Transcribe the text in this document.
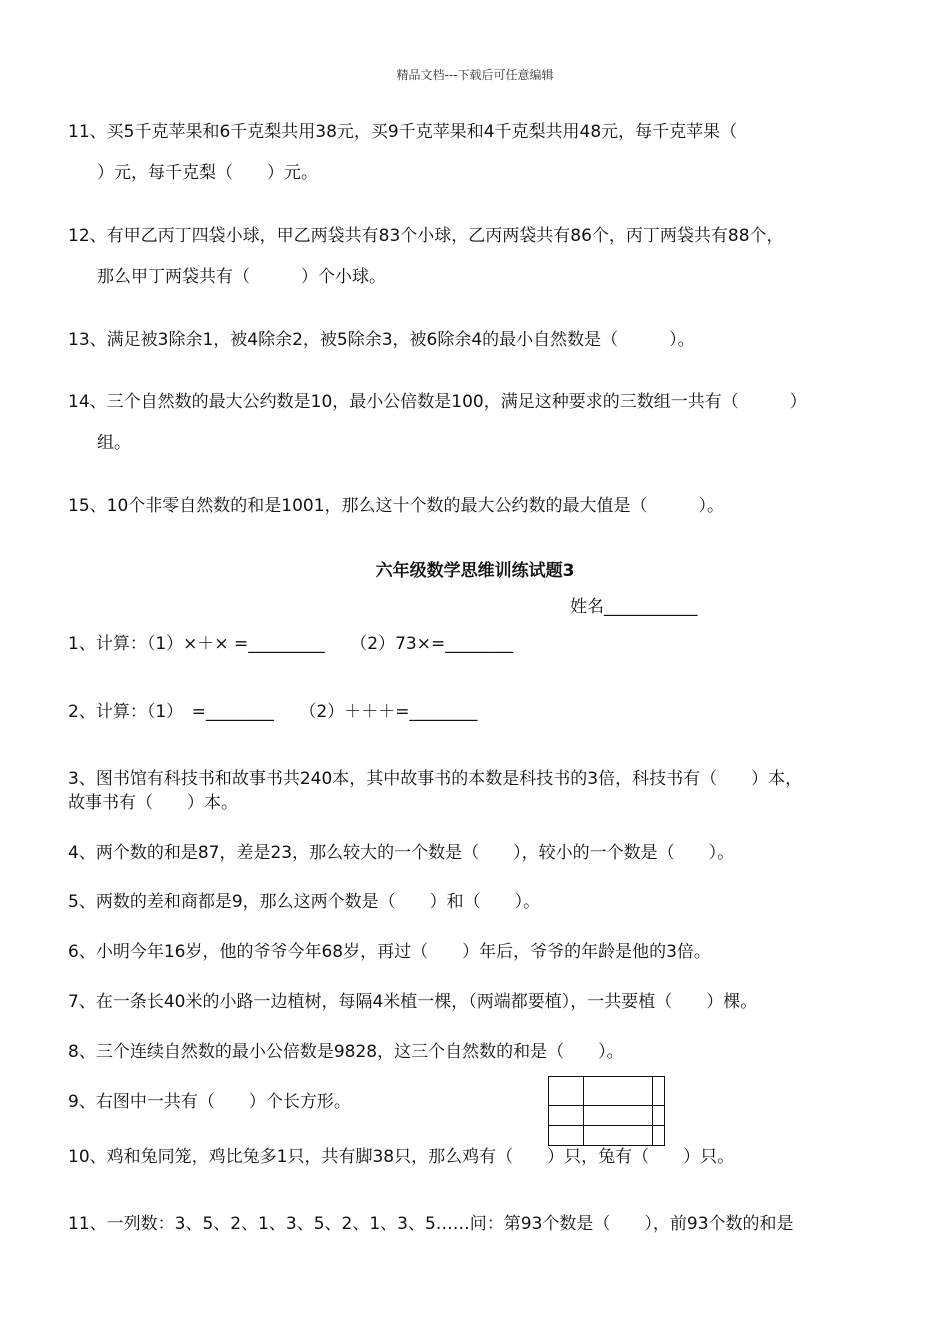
精品文档---下载后可任意编辑
11、买5千克苹果和6千克梨共用38元，买9千克苹果和4千克梨共用48元，每千克苹果（
）元，每千克梨（　　）元。
12、有甲乙丙丁四袋小球，甲乙两袋共有83个小球，乙丙两袋共有86个，丙丁两袋共有88个，
那么甲丁两袋共有（　　　）个小球。
13、满足被3除余1，被4除余2，被5除余3，被6除余4的最小自然数是（　　　）。
14、三个自然数的最大公约数是10，最小公倍数是100，满足这种要求的三数组一共有（　　　）
组。
15、10个非零自然数的和是1001，那么这十个数的最大公约数的最大值是（　　　）。
六年级数学思维训练试题3
姓名___________
1、计算：（1）×＋× =_________　　（2）73×=________
2、计算：（1）　=________　　（2）＋＋＋=________
3、图书馆有科技书和故事书共240本，其中故事书的本数是科技书的3倍，科技书有（　　）本，
故事书有（　　）本。
4、两个数的和是87，差是23，那么较大的一个数是（　　），较小的一个数是（　　）。
5、两数的差和商都是9，那么这两个数是（　　）和（　　）。
6、小明今年16岁，他的爷爷今年68岁，再过（　　）年后，爷爷的年龄是他的3倍。
7、在一条长40米的小路一边植树，每隔4米植一棵，（两端都要植），一共要植（　　）棵。
8、三个连续自然数的最小公倍数是9828，这三个自然数的和是（　　）。
9、右图中一共有（　　）个长方形。
10、鸡和兔同笼，鸡比兔多1只，共有脚38只，那么鸡有（　　）只，兔有（　　）只。
11、一列数：3、5、2、1、3、5、2、1、3、5……问：第93个数是（　　），前93个数的和是
